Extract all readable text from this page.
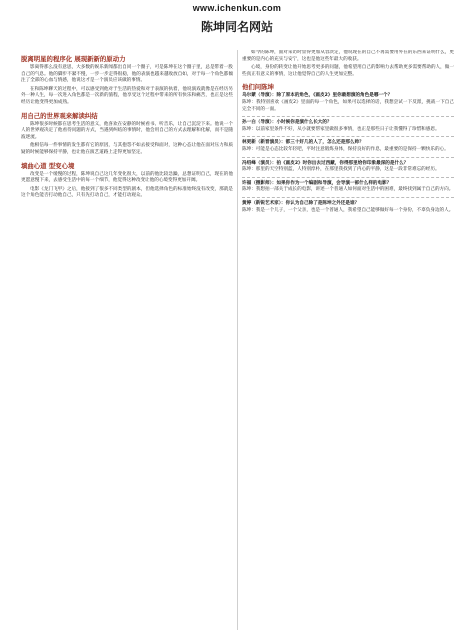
www.ichenkun.com
陈坤同名网站
脱离明星的程序化 展现新新的原动力

影离得那么没有意思，大多数的娱乐新闻都出自同一个圈子，可是陈坤在这个圈子里，总是带着一股自己的气息。他的脚步不紧不慢，一步一步走得很稳，他的表演也越来越收放自如，对于每一个角色都倾注了全部的心血与情感，他说这才是一个演员应该做的事情。

在和陈坤聊天的过程中，可以感受到他对于生活的热爱和对于表演的执着，他说演戏就像是在经历另外一种人生，每一次进入角色都是一次新的旅程，他享受这个过程中带来的所有快乐和痛苦，也正是这些经历让他变得更加成熟。

用自己的世界观来解读纠结

陈坤很多时候都在思考生活的意义，他喜欢在安静的时候看书、听音乐，让自己沉淀下来。他说一个人的世界观决定了他看待问题的方式，当遇到纠结的事情时，他会用自己的方式去理解和化解，而不是随波逐流。

他相信每一件事情的发生都有它的原因，与其抱怨不如去接受和面对，这种心态让他在面对压力和质疑的时候能够保持平静，也让他在演艺道路上走得更加坚定。

填曲心道 型变心境

改变是一个缓慢的过程，陈坤说自己这几年变化很大，以前的他比较急躁，总想证明自己，现在的他更愿意慢下来，去感受生活中的每一个细节，他觉得这种改变让他的心境变得更加开阔。

电影《龙门飞甲》之后，他接到了很多不同类型的剧本，但他选择角色的标准始终没有改变，那就是这个角色能否打动他自己，只有先打动自己，才能打动观众。

如今的陈坤，面对采访时显得更加从容淡定，他说现在的自己不再需要用外在的东西来证明什么，更重要的是内心的充实与安宁，这也是他这些年最大的收获。

心境，身份的转变让他开始思考更多的问题，他希望用自己的影响力去帮助更多需要帮助的人，做一些真正有意义的事情，这让他觉得自己的人生更加完整。

他们问陈坤

乌尔蒙（导演）：除了原本的角色，《画皮2》里你最想演的角色是哪一个？

陈坤：我特别喜欢《画皮2》里面的每一个角色，如果可以选择的话，我想尝试一下反派，挑战一下自己完全不同的一面。

孙一白（导演）：小时候你是演什么长大的？

陈坤：以前家里条件不好，从小就要帮家里做很多事情，也正是那些日子让我懂得了珍惜和感恩。

林更新（新晋演员）：都三十好几的人了，怎么还是那么帅？

陈坤：可能是心态比较年轻吧，平时注意锻炼身体，保持良好的作息，最重要的是保持一颗快乐的心。

冯绍峰（演员）：拍《画皮2》时你出去过西藏，你得那里给你印象最深的是什么？

陈坤：那里的天空特别蓝，人特别淳朴，在那里我找到了内心的平静，这是一段非常难忘的经历。

许福（摄影师）：如果你作为一个编剧和导演，会导演一部什么样的电影？

陈坤：我想拍一部关于成长的电影，讲述一个普通人如何面对生活中的困难，最终找到属于自己的方向。

黄婷（新锐艺术家）：你认为自己除了是陈坤之外还是谁？

陈坤：我是一个儿子，一个父亲，也是一个普通人，我希望自己能够做好每一个身份，不辜负身边的人。
